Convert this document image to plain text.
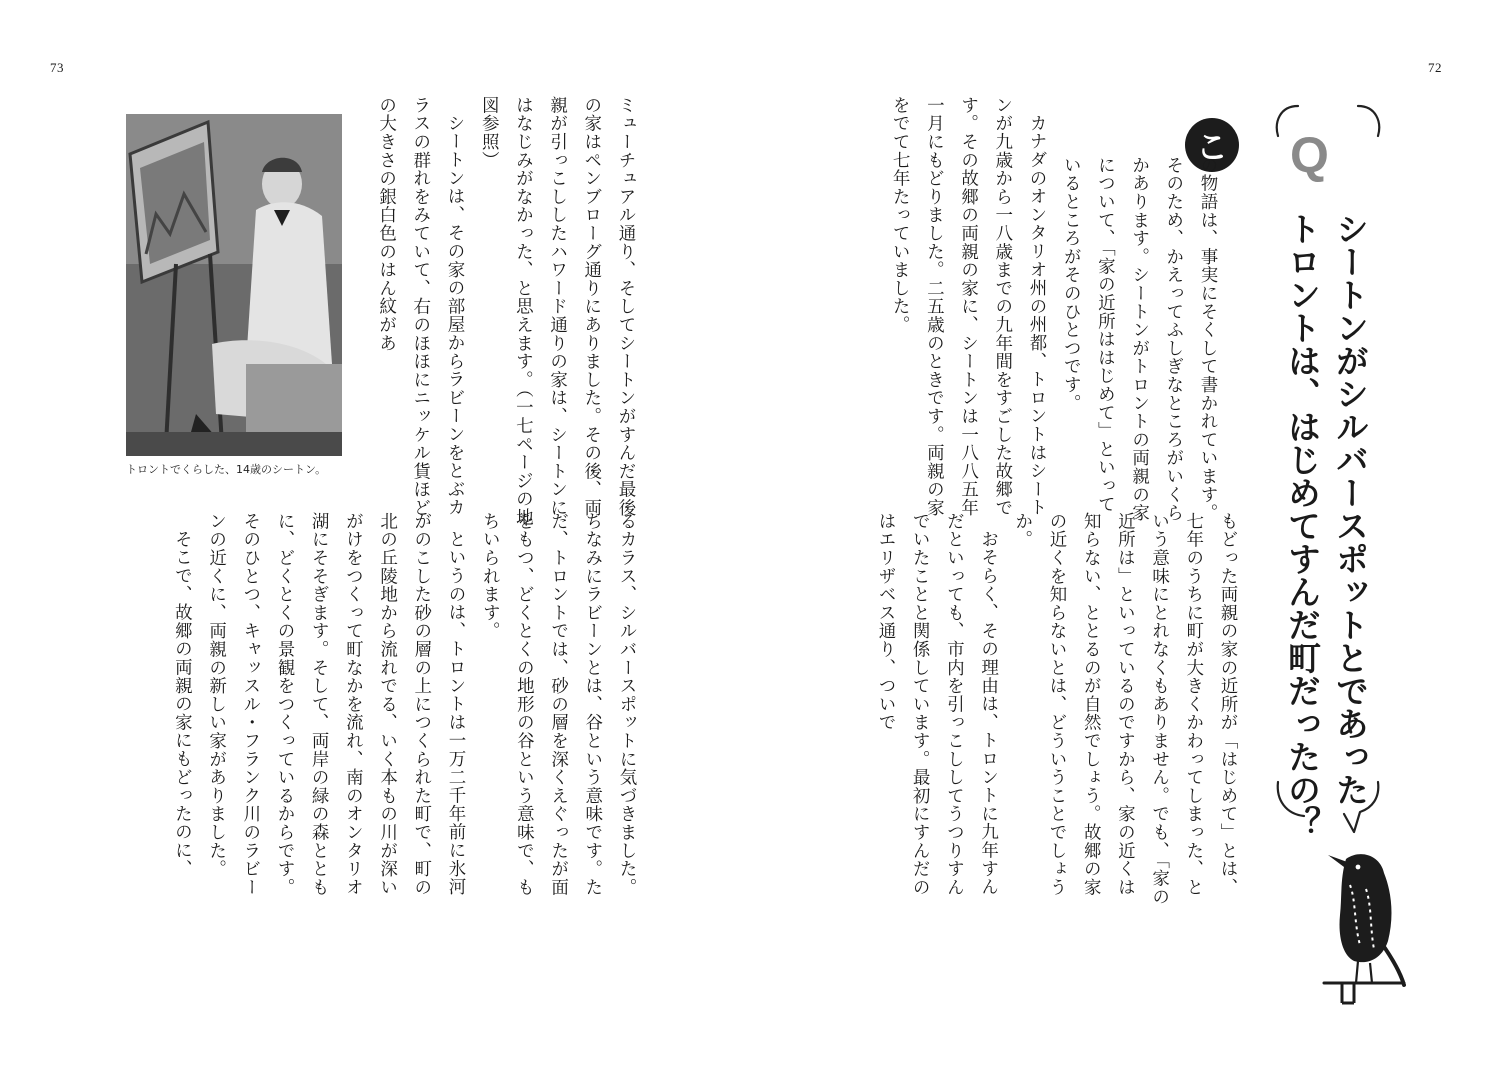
73	72
Q
シートンがシルバースポットとであった
トロントは、はじめてすんだ町だったの？
こ

の物語は、事実にそくして書かれています。そのため、かえってふしぎなところがいくらかあります。シートンがトロントの両親の家について、「家の近所ははじめて」といっているところがそのひとつです。

カナダのオンタリオ州の州都、トロントはシートンが九歳から一八歳までの九年間をすごした故郷です。その故郷の両親の家に、シートンは一八八五年一月にもどりました。二五歳のときです。両親の家をでて七年たっていました。

もどった両親の家の近所が「はじめて」とは、七年のうちに町が大きくかわってしまった、という意味にとれなくもありません。でも、「家の近所は」といっているのですから、家の近くは知らない、ととるのが自然でしょう。故郷の家の近くを知らないとは、どういうことでしょうか。

おそらく、その理由は、トロントに九年すんだといっても、市内を引っこししてうつりすんでいたことと関係しています。最初にすんだのはエリザベス通り、ついで

ミューチュアル通り、そしてシートンがすんだ最後の家はペンブローグ通りにありました。その後、両親が引っこししたハワード通りの家は、シートンにはなじみがなかった、と思えます。（一七ページの地図参照）

シートンは、その家の部屋からラビーンをとぶカラスの群れをみていて、右のほほにニッケル貨ほどの大きさの銀白色のはん紋があ

るカラス、シルバースポットに気づきました。ちなみにラビーンとは、谷という意味です。ただ、トロントでは、砂の層を深くえぐったが面をもつ、どくとくの地形の谷という意味で、もちいられます。

というのは、トロントは一万二千年前に氷河がのこした砂の層の上につくられた町で、町の北の丘陵地から流れでる、いく本もの川が深いがけをつくって町なかを流れ、南のオンタリオ湖にそそぎます。そして、両岸の緑の森とともに、どくとくの景観をつくっているからです。そのひとつ、キャッスル・フランク川のラビーンの近くに、両親の新しい家がありました。

そこで、故郷の両親の家にもどったのに、

トロントでくらした、14歳のシートン。
